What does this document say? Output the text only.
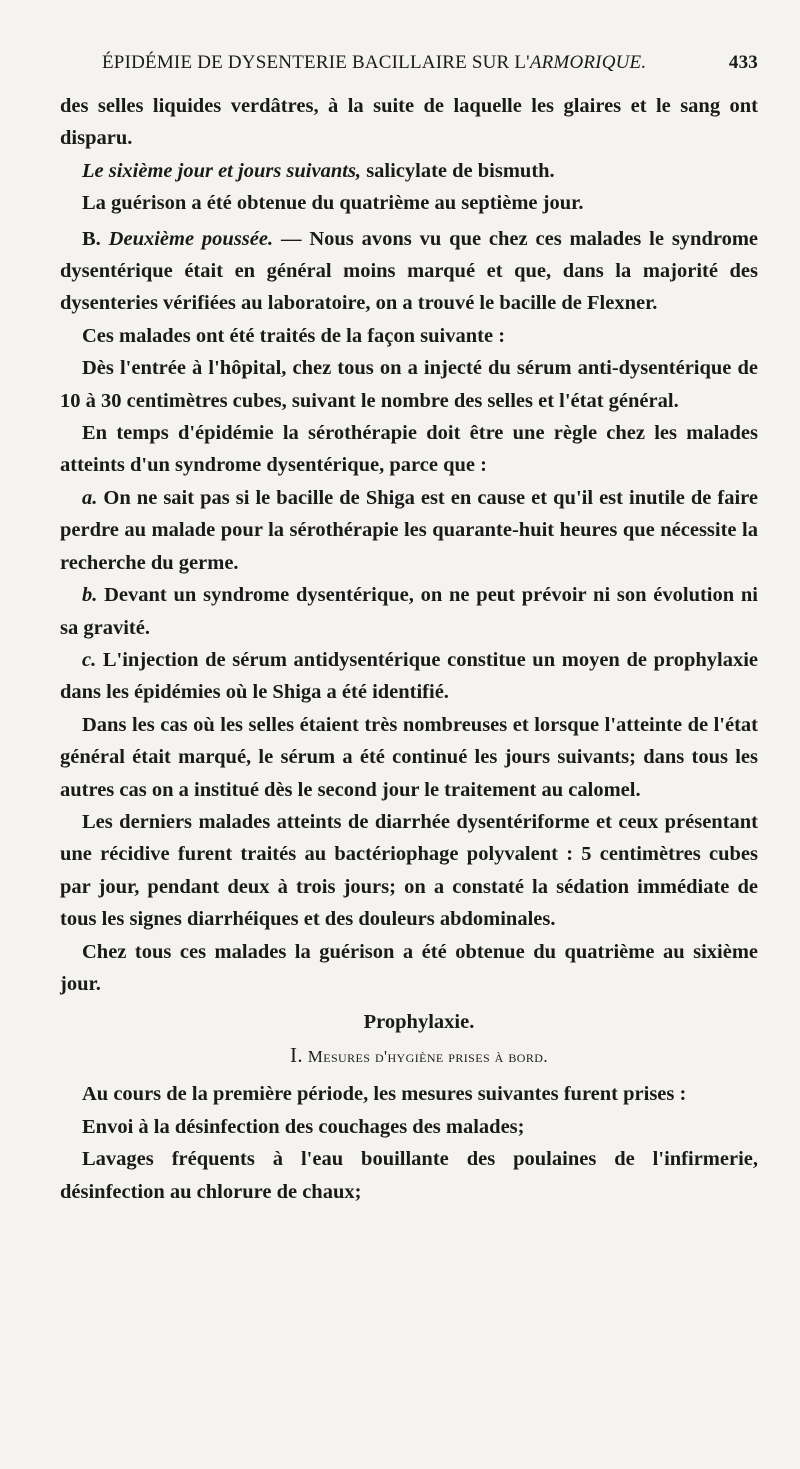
ÉPIDÉMIE DE DYSENTERIE BACILLAIRE SUR L'ARMORIQUE.	433

des selles liquides verdâtres, à la suite de laquelle les glaires et le sang ont disparu.

Le sixième jour et jours suivants, salicylate de bismuth.

La guérison a été obtenue du quatrième au septième jour.

B. Deuxième poussée. — Nous avons vu que chez ces malades le syndrome dysentérique était en général moins marqué et que, dans la majorité des dysenteries vérifiées au laboratoire, on a trouvé le bacille de Flexner.

Ces malades ont été traités de la façon suivante :

Dès l'entrée à l'hôpital, chez tous on a injecté du sérum anti-dysentérique de 10 à 30 centimètres cubes, suivant le nombre des selles et l'état général.

En temps d'épidémie la sérothérapie doit être une règle chez les malades atteints d'un syndrome dysentérique, parce que :

a. On ne sait pas si le bacille de Shiga est en cause et qu'il est inutile de faire perdre au malade pour la sérothérapie les quarante-huit heures que nécessite la recherche du germe.

b. Devant un syndrome dysentérique, on ne peut prévoir ni son évolution ni sa gravité.

c. L'injection de sérum antidysentérique constitue un moyen de prophylaxie dans les épidémies où le Shiga a été identifié.

Dans les cas où les selles étaient très nombreuses et lorsque l'atteinte de l'état général était marqué, le sérum a été continué les jours suivants; dans tous les autres cas on a institué dès le second jour le traitement au calomel.

Les derniers malades atteints de diarrhée dysentériforme et ceux présentant une récidive furent traités au bactériophage polyvalent : 5 centimètres cubes par jour, pendant deux à trois jours; on a constaté la sédation immédiate de tous les signes diarrhéiques et des douleurs abdominales.

Chez tous ces malades la guérison a été obtenue du quatrième au sixième jour.

Prophylaxie.
I. Mesures d'hygiène prises à bord.

Au cours de la première période, les mesures suivantes furent prises :

Envoi à la désinfection des couchages des malades;

Lavages fréquents à l'eau bouillante des poulaines de l'infirmerie, désinfection au chlorure de chaux;
